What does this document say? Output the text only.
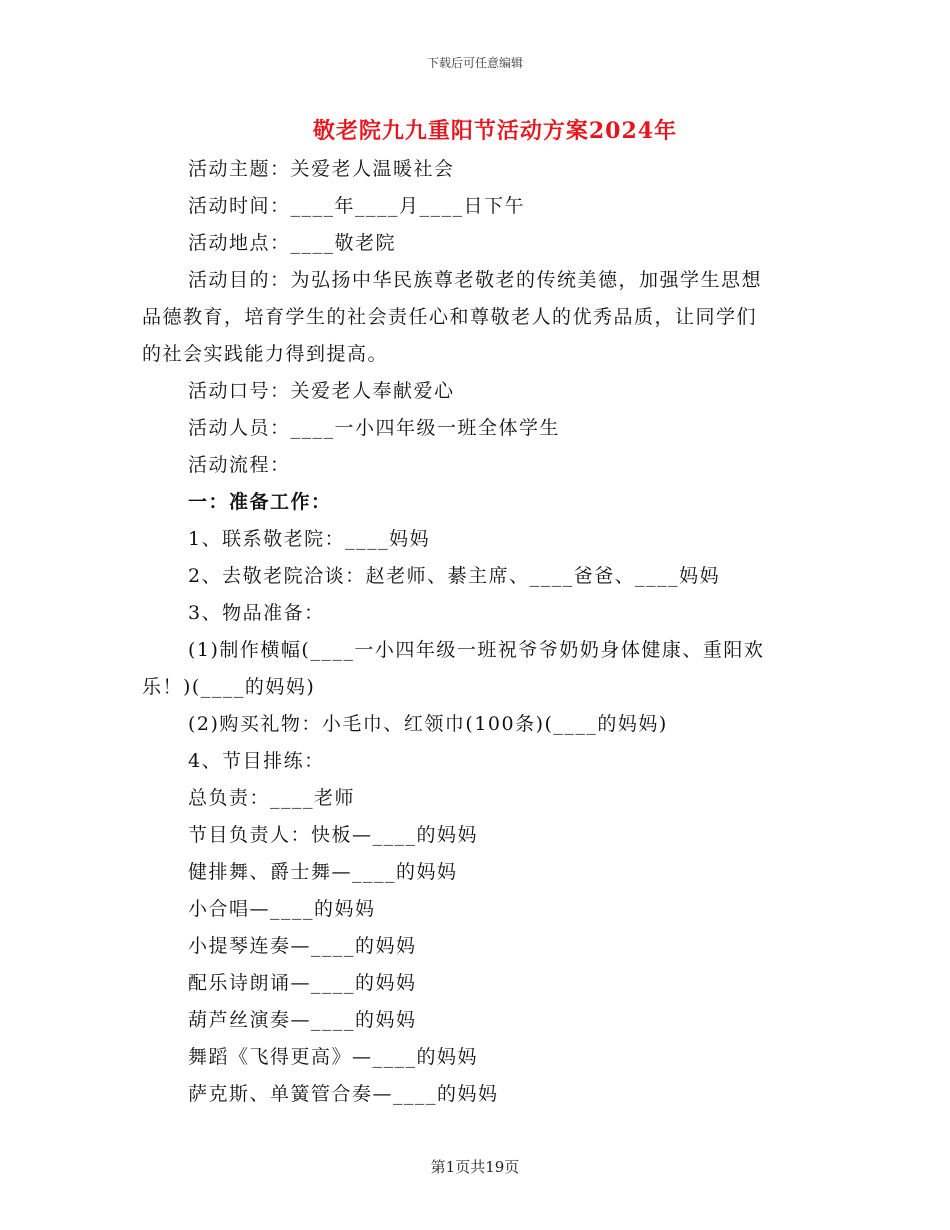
下载后可任意编辑
敬老院九九重阳节活动方案2024年
活动主题：关爱老人温暖社会
活动时间：____年____月____日下午
活动地点：____敬老院
活动目的：为弘扬中华民族尊老敬老的传统美德，加强学生思想
品德教育，培育学生的社会责任心和尊敬老人的优秀品质，让同学们
的社会实践能力得到提高。
活动口号：关爱老人奉献爱心
活动人员：____一小四年级一班全体学生
活动流程：
一：准备工作：
1、联系敬老院：____妈妈
2、去敬老院洽谈：赵老师、綦主席、____爸爸、____妈妈
3、物品准备：
(1)制作横幅(____一小四年级一班祝爷爷奶奶身体健康、重阳欢
乐！)(____的妈妈)
(2)购买礼物：小毛巾、红领巾(100条)(____的妈妈)
4、节目排练：
总负责：____老师
节目负责人：快板—____的妈妈
健排舞、爵士舞—____的妈妈
小合唱—____的妈妈
小提琴连奏—____的妈妈
配乐诗朗诵—____的妈妈
葫芦丝演奏—____的妈妈
舞蹈《飞得更高》—____的妈妈
萨克斯、单簧管合奏—____的妈妈
第1页共19页
